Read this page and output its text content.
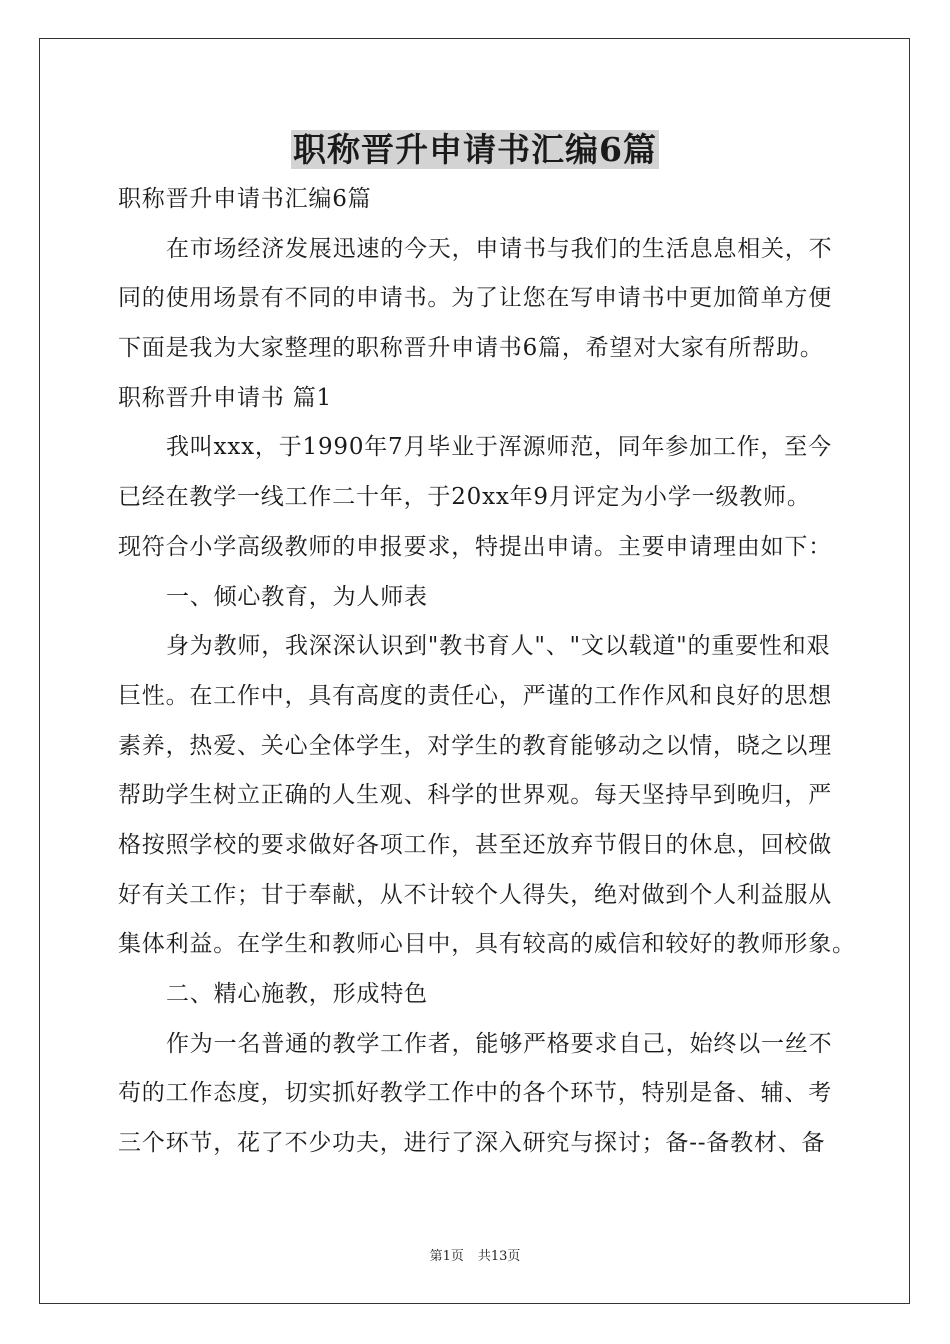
职称晋升申请书汇编6篇
职称晋升申请书汇编6篇
在市场经济发展迅速的今天，申请书与我们的生活息息相关，不
同的使用场景有不同的申请书。为了让您在写申请书中更加简单方便
下面是我为大家整理的职称晋升申请书6篇，希望对大家有所帮助。
职称晋升申请书 篇1
我叫xxx，于1990年7月毕业于浑源师范，同年参加工作，至今
已经在教学一线工作二十年，于20xx年9月评定为小学一级教师。
现符合小学高级教师的申报要求，特提出申请。主要申请理由如下：
一、倾心教育，为人师表
身为教师，我深深认识到"教书育人"、"文以载道"的重要性和艰
巨性。在工作中，具有高度的责任心，严谨的工作作风和良好的思想
素养，热爱、关心全体学生，对学生的教育能够动之以情，晓之以理
帮助学生树立正确的人生观、科学的世界观。每天坚持早到晚归，严
格按照学校的要求做好各项工作，甚至还放弃节假日的休息，回校做
好有关工作；甘于奉献，从不计较个人得失，绝对做到个人利益服从
集体利益。在学生和教师心目中，具有较高的威信和较好的教师形象。
二、精心施教，形成特色
作为一名普通的教学工作者，能够严格要求自己，始终以一丝不
苟的工作态度，切实抓好教学工作中的各个环节，特别是备、辅、考
三个环节，花了不少功夫，进行了深入研究与探讨；备--备教材、备
第1页 共13页
